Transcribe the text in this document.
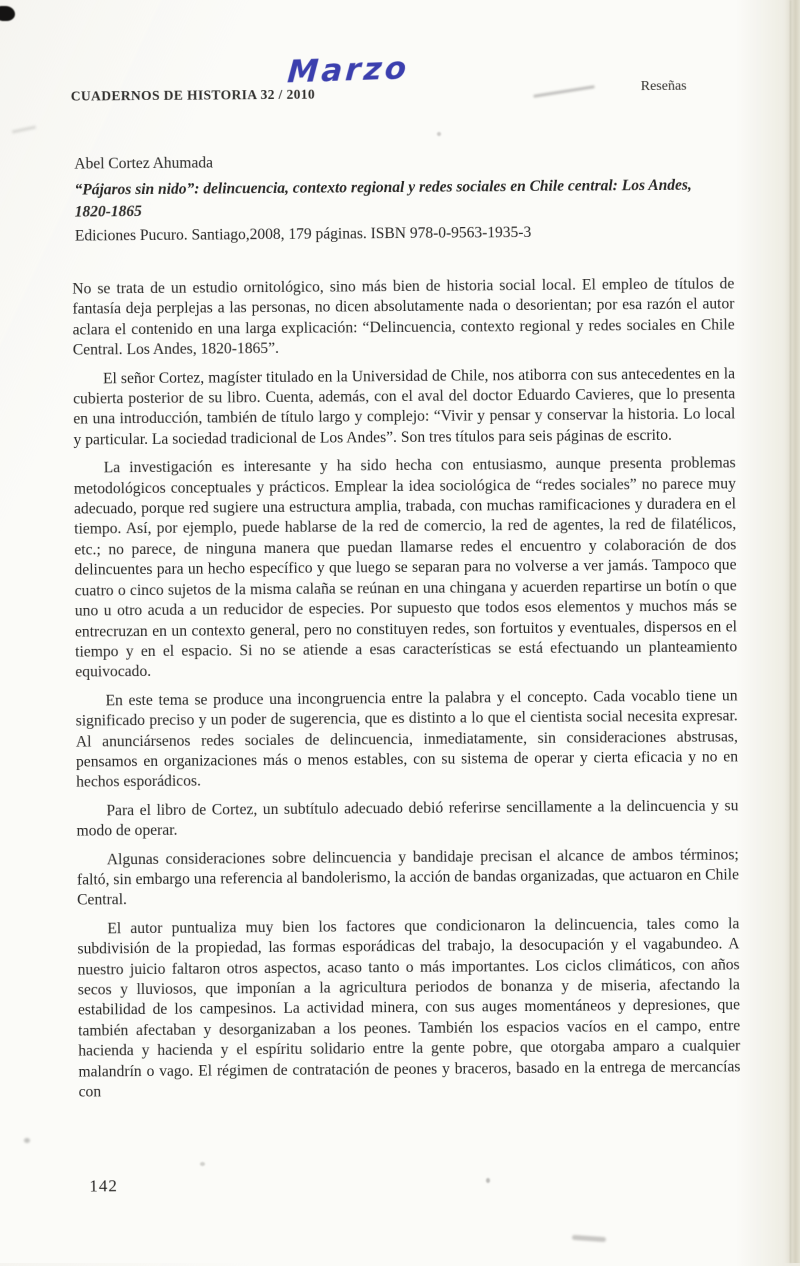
Marzo
CUADERNOS DE HISTORIA 32 / 2010
Reseñas
Abel Cortez Ahumada
“Pájaros sin nido”: delincuencia, contexto regional y redes sociales en Chile central: Los Andes, 1820-1865
Ediciones Pucuro. Santiago,2008, 179 páginas. ISBN 978-0-9563-1935-3

No se trata de un estudio ornitológico, sino más bien de historia social local. El empleo de títulos de fantasía deja perplejas a las personas, no dicen absolutamente nada o desorientan; por esa razón el autor aclara el contenido en una larga explicación: “Delincuencia, contexto regional y redes sociales en Chile Central. Los Andes, 1820-1865”.

El señor Cortez, magíster titulado en la Universidad de Chile, nos atiborra con sus antecedentes en la cubierta posterior de su libro. Cuenta, además, con el aval del doctor Eduardo Cavieres, que lo presenta en una introducción, también de título largo y complejo: “Vivir y pensar y conservar la historia. Lo local y particular. La sociedad tradicional de Los Andes”. Son tres títulos para seis páginas de escrito.

La investigación es interesante y ha sido hecha con entusiasmo, aunque presenta problemas metodológicos conceptuales y prácticos. Emplear la idea sociológica de “redes sociales” no parece muy adecuado, porque red sugiere una estructura amplia, trabada, con muchas ramificaciones y duradera en el tiempo. Así, por ejemplo, puede hablarse de la red de comercio, la red de agentes, la red de filatélicos, etc.; no parece, de ninguna manera que puedan llamarse redes el encuentro y colaboración de dos delincuentes para un hecho específico y que luego se separan para no volverse a ver jamás. Tampoco que cuatro o cinco sujetos de la misma calaña se reúnan en una chingana y acuerden repartirse un botín o que uno u otro acuda a un reducidor de especies. Por supuesto que todos esos elementos y muchos más se entrecruzan en un contexto general, pero no constituyen redes, son fortuitos y eventuales, dispersos en el tiempo y en el espacio. Si no se atiende a esas características se está efectuando un planteamiento equivocado.

En este tema se produce una incongruencia entre la palabra y el concepto. Cada vocablo tiene un significado preciso y un poder de sugerencia, que es distinto a lo que el cientista social necesita expresar. Al anunciársenos redes sociales de delincuencia, inmediatamente, sin consideraciones abstrusas, pensamos en organizaciones más o menos estables, con su sistema de operar y cierta eficacia y no en hechos esporádicos.

Para el libro de Cortez, un subtítulo adecuado debió referirse sencillamente a la delincuencia y su modo de operar.

Algunas consideraciones sobre delincuencia y bandidaje precisan el alcance de ambos términos; faltó, sin embargo una referencia al bandolerismo, la acción de bandas organizadas, que actuaron en Chile Central.

El autor puntualiza muy bien los factores que condicionaron la delincuencia, tales como la subdivisión de la propiedad, las formas esporádicas del trabajo, la desocupación y el vagabundeo. A nuestro juicio faltaron otros aspectos, acaso tanto o más importantes. Los ciclos climáticos, con años secos y lluviosos, que imponían a la agricultura periodos de bonanza y de miseria, afectando la estabilidad de los campesinos. La actividad minera, con sus auges momentáneos y depresiones, que también afectaban y desorganizaban a los peones. También los espacios vacíos en el campo, entre hacienda y hacienda y el espíritu solidario entre la gente pobre, que otorgaba amparo a cualquier malandrín o vago. El régimen de contratación de peones y braceros, basado en la entrega de mercancías con

142
